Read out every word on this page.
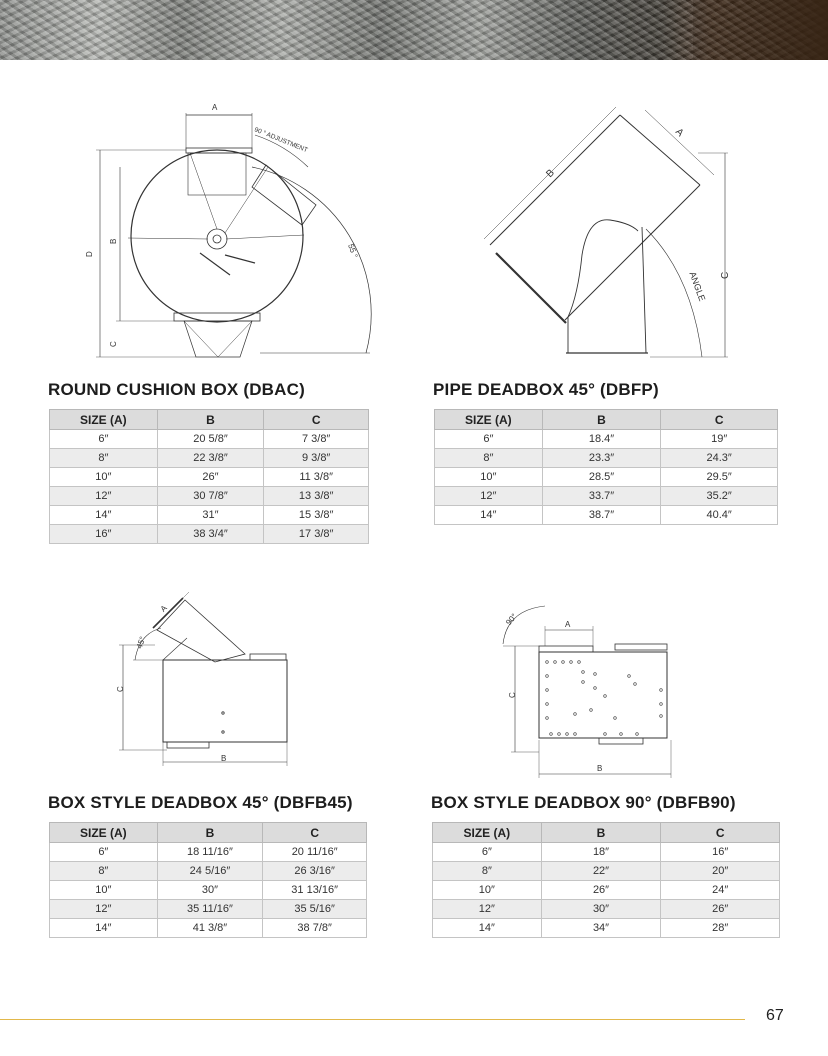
A
D
B
C
90 ° ADJUSTMENT
55 °
A
B
C
ANGLE
ROUND CUSHION BOX (DBAC)
SIZE (A)	B	C
6″	20 5/8″	7 3/8″
8″	22 3/8″	9 3/8″
10″	26″	11 3/8″
12″	30 7/8″	13 3/8″
14″	31″	15 3/8″
16″	38 3/4″	17 3/8″
PIPE DEADBOX 45° (DBFP)
SIZE (A)	B	C
6″	18.4″	19″
8″	23.3″	24.3″
10″	28.5″	29.5″
12″	33.7″	35.2″
14″	38.7″	40.4″
A
45°
C
B
A
90°
C
B
BOX STYLE DEADBOX 45° (DBFB45)
SIZE (A)	B	C
6″	18 11/16″	20 11/16″
8″	24 5/16″	26 3/16″
10″	30″	31 13/16″
12″	35 11/16″	35 5/16″
14″	41 3/8″	38 7/8″
BOX STYLE DEADBOX 90° (DBFB90)
SIZE (A)	B	C
6″	18″	16″
8″	22″	20″
10″	26″	24″
12″	30″	26″
14″	34″	28″
67
